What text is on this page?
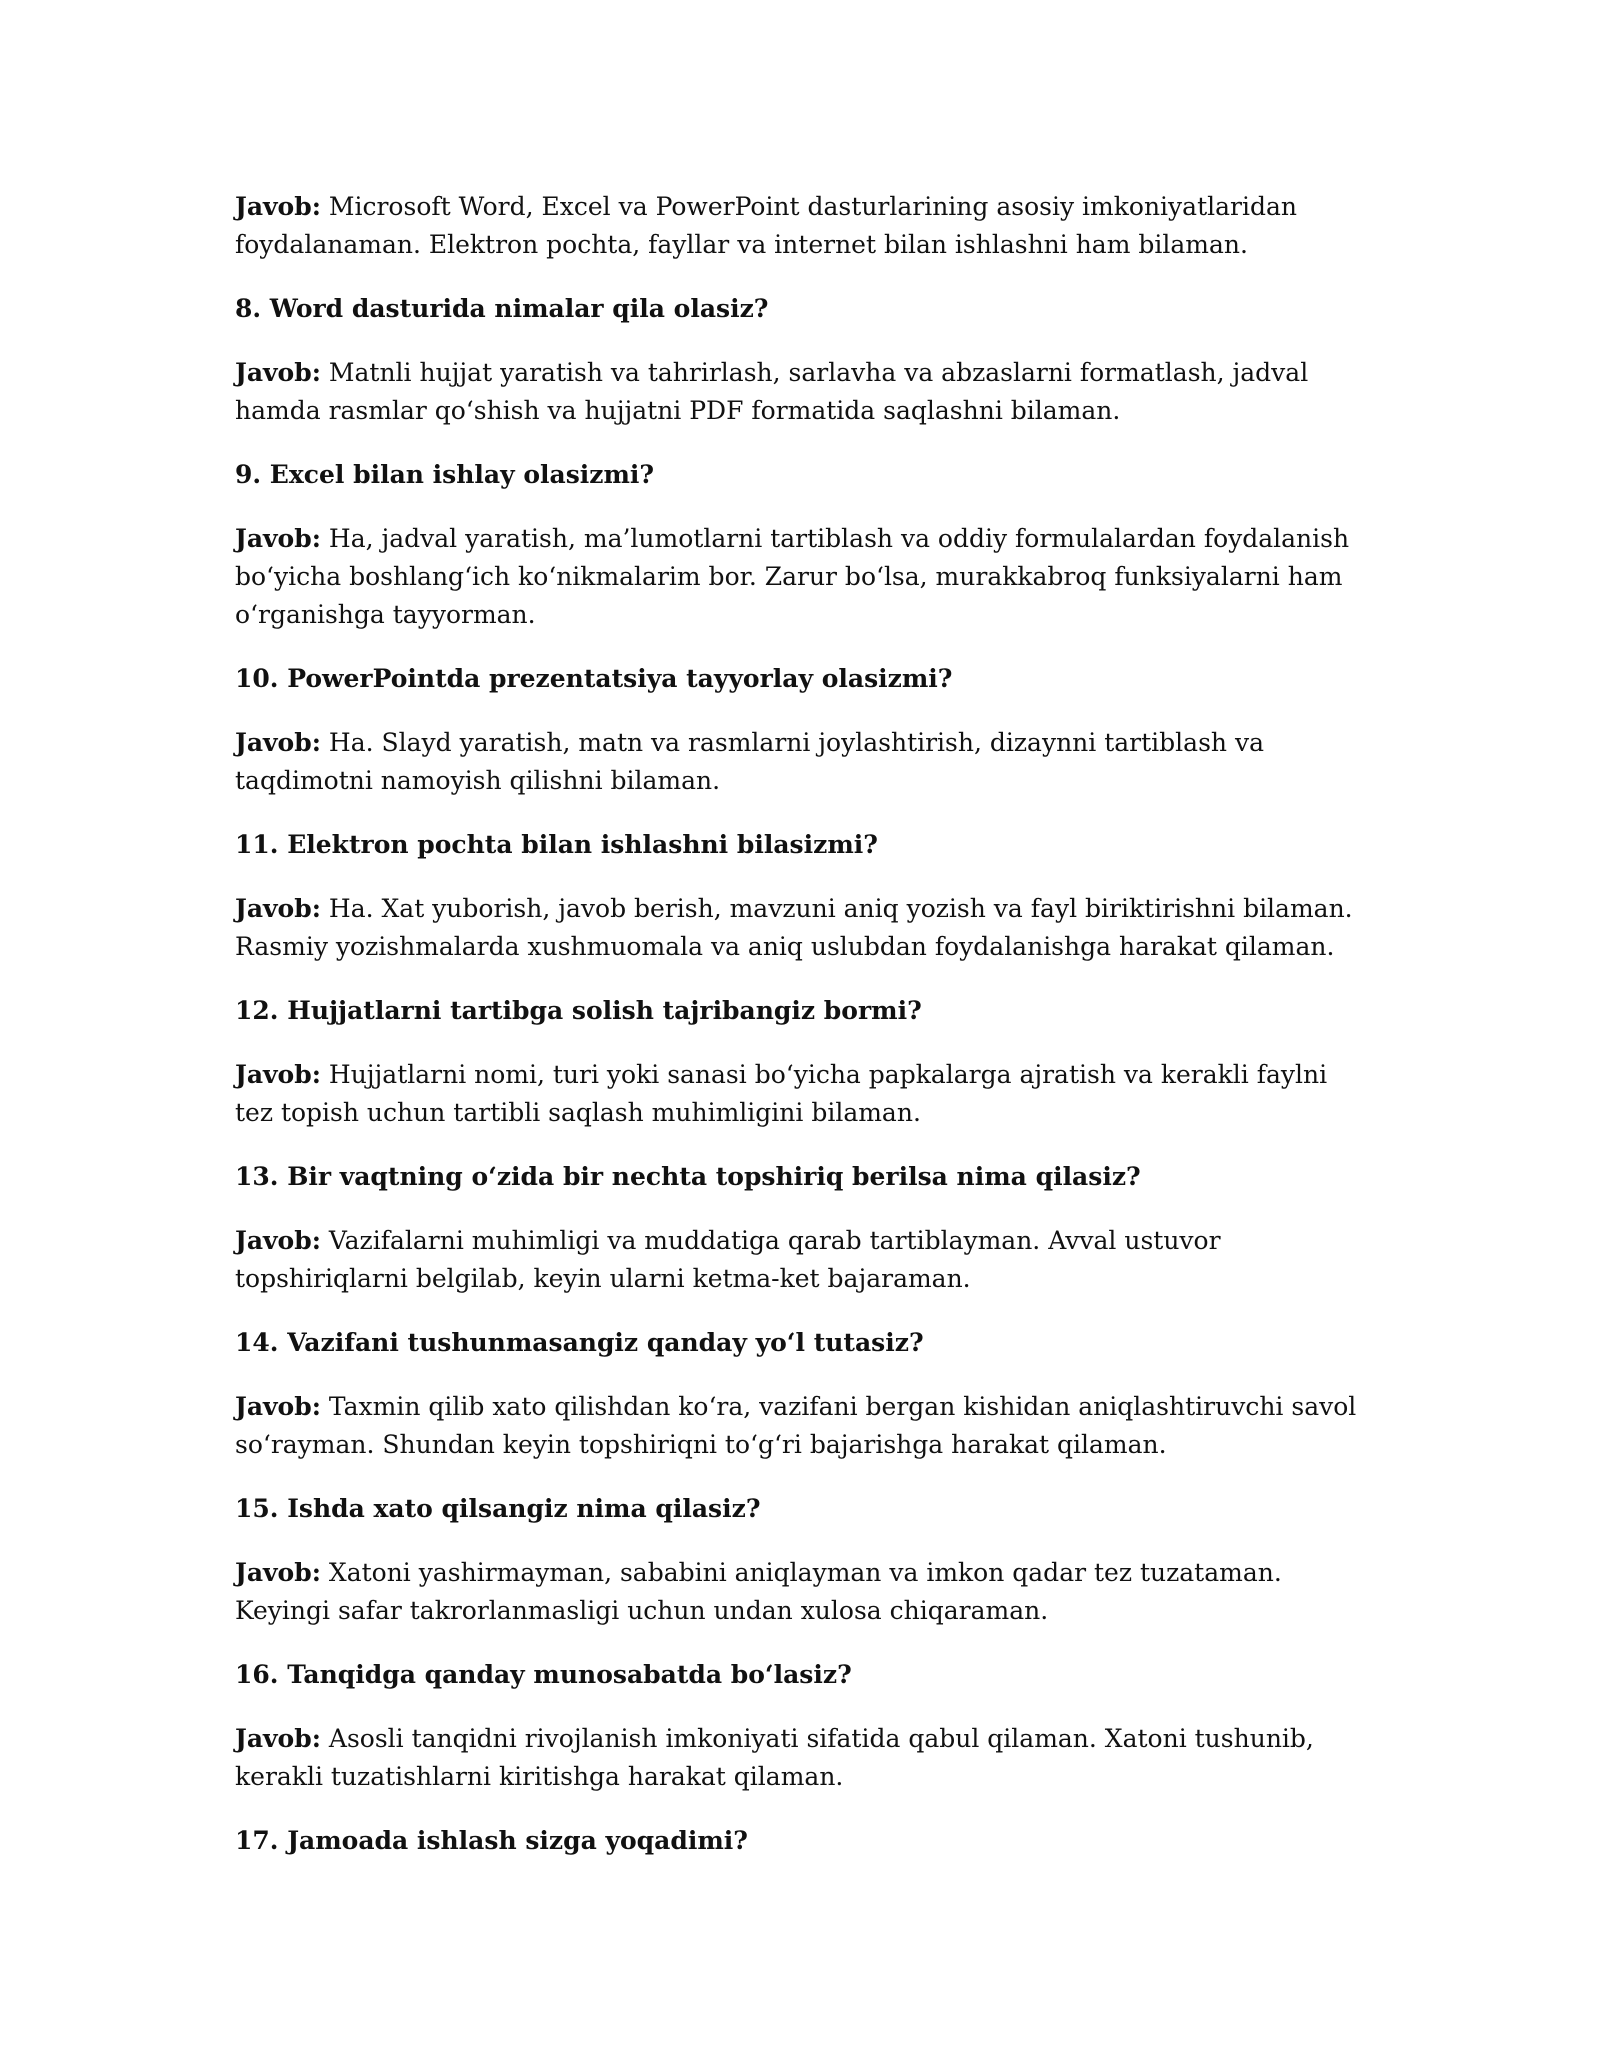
Javob: Microsoft Word, Excel va PowerPoint dasturlarining asosiy imkoniyatlaridan foydalanaman. Elektron pochta, fayllar va internet bilan ishlashni ham bilaman.

8. Word dasturida nimalar qila olasiz?

Javob: Matnli hujjat yaratish va tahrirlash, sarlavha va abzaslarni formatlash, jadval hamda rasmlar qo‘shish va hujjatni PDF formatida saqlashni bilaman.

9. Excel bilan ishlay olasizmi?

Javob: Ha, jadval yaratish, ma’lumotlarni tartiblash va oddiy formulalardan foydalanish bo‘yicha boshlang‘ich ko‘nikmalarim bor. Zarur bo‘lsa, murakkabroq funksiyalarni ham o‘rganishga tayyorman.

10. PowerPointda prezentatsiya tayyorlay olasizmi?

Javob: Ha. Slayd yaratish, matn va rasmlarni joylashtirish, dizaynni tartiblash va taqdimotni namoyish qilishni bilaman.

11. Elektron pochta bilan ishlashni bilasizmi?

Javob: Ha. Xat yuborish, javob berish, mavzuni aniq yozish va fayl biriktirishni bilaman. Rasmiy yozishmalarda xushmuomala va aniq uslubdan foydalanishga harakat qilaman.

12. Hujjatlarni tartibga solish tajribangiz bormi?

Javob: Hujjatlarni nomi, turi yoki sanasi bo‘yicha papkalarga ajratish va kerakli faylni tez topish uchun tartibli saqlash muhimligini bilaman.

13. Bir vaqtning o‘zida bir nechta topshiriq berilsa nima qilasiz?

Javob: Vazifalarni muhimligi va muddatiga qarab tartiblayman. Avval ustuvor topshiriqlarni belgilab, keyin ularni ketma-ket bajaraman.

14. Vazifani tushunmasangiz qanday yo‘l tutasiz?

Javob: Taxmin qilib xato qilishdan ko‘ra, vazifani bergan kishidan aniqlashtiruvchi savol so‘rayman. Shundan keyin topshiriqni to‘g‘ri bajarishga harakat qilaman.

15. Ishda xato qilsangiz nima qilasiz?

Javob: Xatoni yashirmayman, sababini aniqlayman va imkon qadar tez tuzataman. Keyingi safar takrorlanmasligi uchun undan xulosa chiqaraman.

16. Tanqidga qanday munosabatda bo‘lasiz?

Javob: Asosli tanqidni rivojlanish imkoniyati sifatida qabul qilaman. Xatoni tushunib, kerakli tuzatishlarni kiritishga harakat qilaman.

17. Jamoada ishlash sizga yoqadimi?
